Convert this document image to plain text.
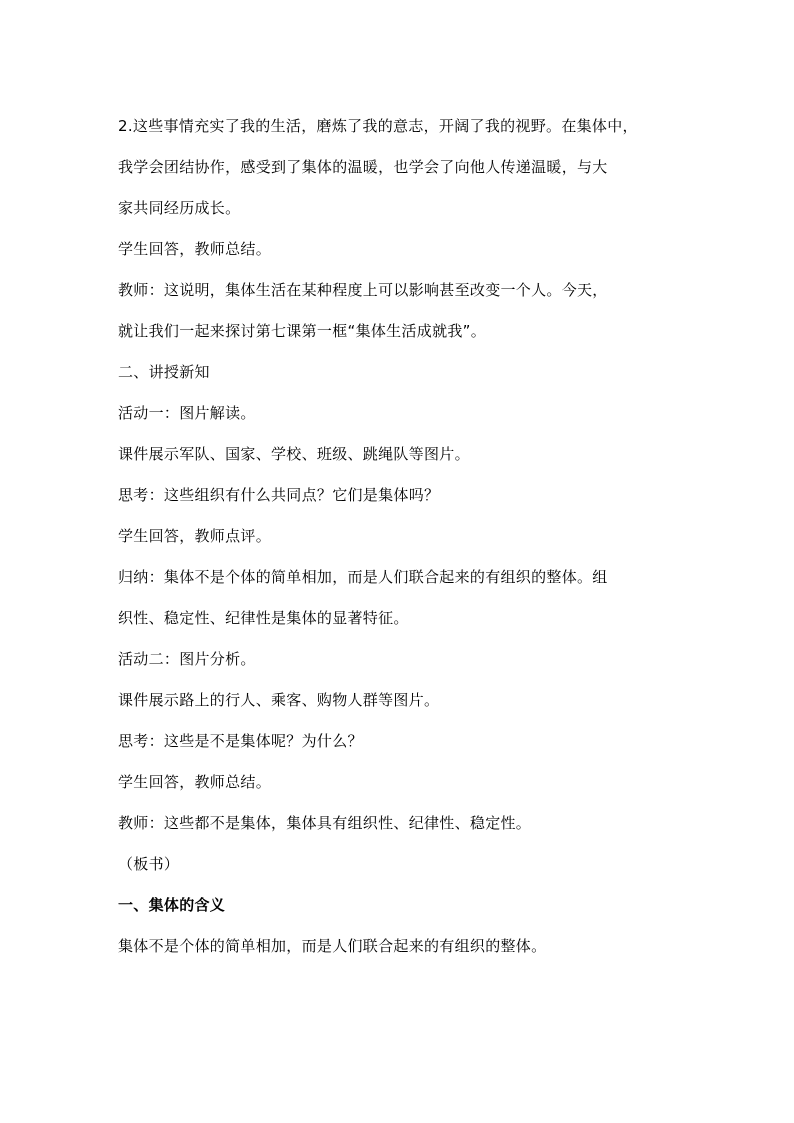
2.这些事情充实了我的生活，磨炼了我的意志，开阔了我的视野。在集体中，

我学会团结协作，感受到了集体的温暖，也学会了向他人传递温暖，与大

家共同经历成长。

学生回答，教师总结。

教师：这说明，集体生活在某种程度上可以影响甚至改变一个人。今天，

就让我们一起来探讨第七课第一框“集体生活成就我”。

二、讲授新知

活动一：图片解读。

课件展示军队、国家、学校、班级、跳绳队等图片。

思考：这些组织有什么共同点？它们是集体吗？

学生回答，教师点评。

归纳：集体不是个体的简单相加，而是人们联合起来的有组织的整体。组

织性、稳定性、纪律性是集体的显著特征。

活动二：图片分析。

课件展示路上的行人、乘客、购物人群等图片。

思考：这些是不是集体呢？为什么？

学生回答，教师总结。

教师：这些都不是集体，集体具有组织性、纪律性、稳定性。

（板书）

一、集体的含义

集体不是个体的简单相加，而是人们联合起来的有组织的整体。
